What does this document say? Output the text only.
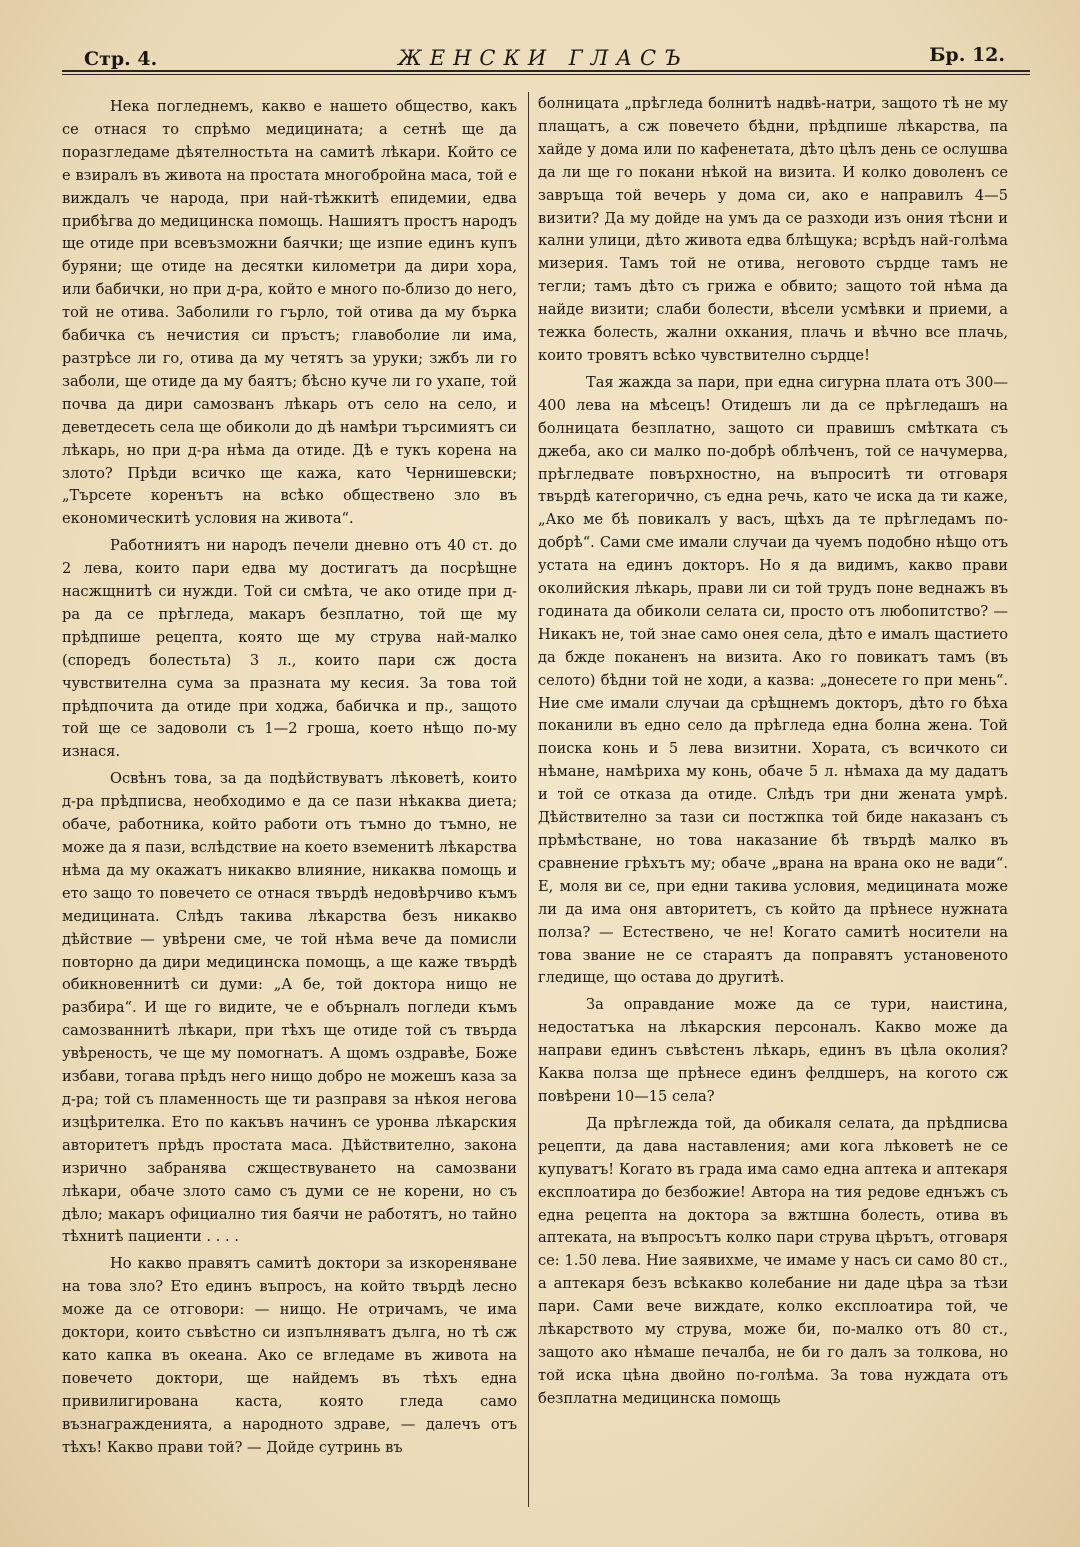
Стр. 4.	ЖЕНСКИ ГЛАСЪ	Бр. 12.

Нека погледнемъ, какво е нашето общество, какъ се отнася то спрѣмо медицината; а сетнѣ ще да поразгледаме дѣятелностьта на самитѣ лѣкари. Който се е взиралъ въ живота на простата многобройна маса, той е виждалъ че народа, при най-тѣжкитѣ епидемии, едва прибѣгва до медицинска помощь. Нашиятъ простъ народъ ще отиде при всевъзможни баячки; ще изпие единъ купъ буряни; ще отиде на десятки километри да дири хора, или бабички, но при д-ра, който е много по-близо до него, той не отива. Заболили го гърло, той отива да му бърка бабичка съ нечистия си пръстъ; главоболие ли има, разтрѣсе ли го, отива да му четятъ за уруки; зжбъ ли го заболи, ще отиде да му баятъ; бѣсно куче ли го ухапе, той почва да дири самозванъ лѣкарь отъ село на село, и деветдесеть села ще обиколи до дѣ намѣри търсимиятъ си лѣкарь, но при д-ра нѣма да отиде. Дѣ е тукъ корена на злото? Прѣди всичко ще кажа, като Чернишевски; „Търсете коренътъ на всѣко обществено зло въ економическитѣ условия на живота“.

Работниятъ ни народъ печели дневно отъ 40 ст. до 2 лева, които пари едва му достигатъ да посрѣщне насжщнитѣ си нужди. Той си смѣта, че ако отиде при д-ра да се прѣгледа, макаръ безплатно, той ще му прѣдпише рецепта, която ще му струва най-малко (споредъ болестьта) 3 л., които пари сж доста чувствителна сума за празната му кесия. За това той прѣдпочита да отиде при ходжа, бабичка и пр., защото той ще се задоволи съ 1—2 гроша, което нѣщо по-му изнася.

Освѣнъ това, за да подѣйствуватъ лѣковетѣ, които д-ра прѣдписва, необходимо е да се пази нѣкаква диета; обаче, работника, който работи отъ тъмно до тъмно, не може да я пази, вслѣдствие на което вземенитѣ лѣкарства нѣма да му окажатъ никакво влияние, никаква помощь и ето защо то повечето се отнася твърдѣ недовѣрчиво къмъ медицината. Слѣдъ такива лѣкарства безъ никакво дѣйствие — увѣрени сме, че той нѣма вече да помисли повторно да дири медицинска помощь, а ще каже твърдѣ обикновеннитѣ си думи: „А бе, той доктора нищо не разбира“. И ще го видите, че е обърналъ погледи къмъ самозваннитѣ лѣкари, при тѣхъ ще отиде той съ твърда увѣреность, че ще му помогнатъ. А щомъ оздравѣе, Боже избави, тогава прѣдъ него нищо добро не можешъ каза за д-ра; той съ пламенность ще ти разправя за нѣкоя негова изцѣрителка. Ето по какъвъ начинъ се уронва лѣкарския авторитетъ прѣдъ простата маса. Дѣйствително, закона изрично забранява сжществуването на самозвани лѣкари, обаче злото само съ думи се не корени, но съ дѣло; макаръ официално тия баячи не работятъ, но тайно тѣхнитѣ пациенти . . . .

Но какво правятъ самитѣ доктори за изкореняване на това зло? Ето единъ въпросъ, на който твърдѣ лесно може да се отговори: — нищо. Не отричамъ, че има доктори, които съвѣстно си изпълняватъ дълга, но тѣ сж като капка въ океана. Ако се вгледаме въ живота на повечето доктори, ще найдемъ въ тѣхъ една привилигирована каста, която гледа само възнагражденията, а народното здраве, — далечъ отъ тѣхъ! Какво прави той? — Дойде сутринь въ

болницата „прѣгледа болнитѣ надвѣ-натри, защото тѣ не му плащатъ, а сж повечето бѣдни, прѣдпише лѣкарства, па хайде у дома или по кафенетата, дѣто цѣлъ день се ослушва да ли ще го покани нѣкой на визита. И колко доволенъ се завръща той вечерь у дома си, ако е направилъ 4—5 визити? Да му дойде на умъ да се разходи изъ ония тѣсни и кални улици, дѣто живота едва блѣщука; всрѣдъ най-голѣма мизерия. Тамъ той не отива, неговото сърдце тамъ не тегли; тамъ дѣто съ грижа е обвито; защото той нѣма да найде визити; слаби болести, вѣсели усмѣвки и приеми, а тежка болесть, жални охкания, плачь и вѣчно все плачь, които тровятъ всѣко чувствително сърдце!

Тая жажда за пари, при една сигурна плата отъ 300—400 лева на мѣсецъ! Отидешъ ли да се прѣгледашъ на болницата безплатно, защото си правишъ смѣтката съ джеба, ако си малко по-добрѣ облѣченъ, той се начумерва, прѣгледвате повърхностно, на въпроситѣ ти отговаря твърдѣ категорично, съ една речь, като че иска да ти каже, „Ако ме бѣ повикалъ у васъ, щѣхъ да те прѣгледамъ по-добрѣ“. Сами сме имали случаи да чуемъ подобно нѣщо отъ устата на единъ докторъ. Но я да видимъ, какво прави околийския лѣкарь, прави ли си той трудъ поне веднажъ въ годината да обиколи селата си, просто отъ любопитство? — Никакъ не, той знае само онея села, дѣто е ималъ щастието да бжде поканенъ на визита. Ако го повикатъ тамъ (въ селото) бѣдни той не ходи, а казва: „донесете го при мень“. Ние сме имали случаи да срѣщнемъ докторъ, дѣто го бѣха поканили въ едно село да прѣгледа една болна жена. Той поиска конь и 5 лева визитни. Хората, съ всичкото си нѣмане, намѣриха му конь, обаче 5 л. нѣмаха да му дадатъ и той се отказа да отиде. Слѣдъ три дни жената умрѣ. Дѣйствително за тази си постжпка той биде наказанъ съ прѣмѣстване, но това наказание бѣ твърдѣ малко въ сравнение грѣхътъ му; обаче „врана на врана око не вади“. Е, моля ви се, при едни такива условия, медицината може ли да има оня авторитетъ, съ който да прѣнесе нужната полза? — Естествено, че не! Когато самитѣ носители на това звание не се стараятъ да поправятъ установеното гледище, що остава до другитѣ.

За оправдание може да се тури, наистина, недостатъка на лѣкарския персоналъ. Какво може да направи единъ съвѣстенъ лѣкарь, единъ въ цѣла околия? Каква полза ще прѣнесе единъ фелдшеръ, на когото сж повѣрени 10—15 села?

Да прѣглежда той, да обикаля селата, да прѣдписва рецепти, да дава наставления; ами кога лѣковетѣ не се купуватъ! Когато въ града има само една аптека и аптекаря експлоатира до безбожие! Автора на тия редове еднъжъ съ една рецепта на доктора за вжтшна болесть, отива въ аптеката, на въпросътъ колко пари струва цѣрътъ, отговаря се: 1.50 лева. Ние заявихме, че имаме у насъ си само 80 ст., а аптекаря безъ всѣкакво колебание ни даде цѣра за тѣзи пари. Сами вече виждате, колко експлоатира той, че лѣкарството му струва, може би, по-малко отъ 80 ст., защото ако нѣмаше печалба, не би го далъ за толкова, но той иска цѣна двойно по-голѣма. За това нуждата отъ безплатна медицинска помощь
